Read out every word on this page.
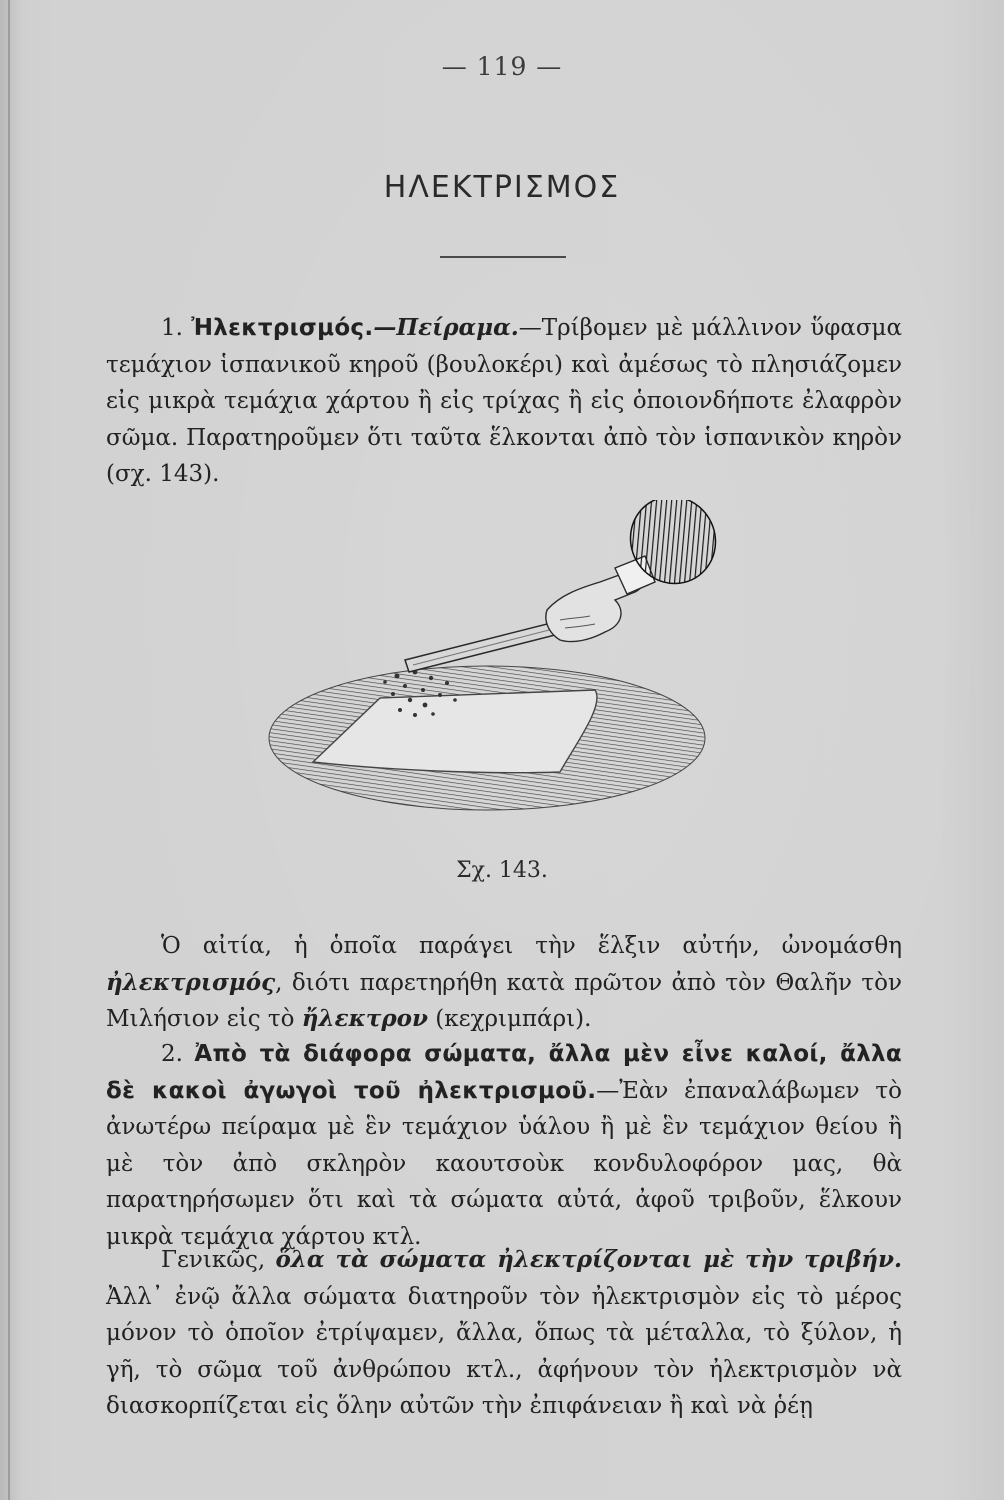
— 119 —
ΗΛΕΚΤΡΙΣΜΟΣ

1. Ἠλεκτρισμός.—Πείραμα.—Τρίβομεν μὲ μάλλινον ὕφασμα τεμάχιον ἱσπανικοῦ κηροῦ (βουλοκέρι) καὶ ἀμέσως τὸ πλησιάζομεν εἰς μικρὰ τεμάχια χάρτου ἢ εἰς τρίχας ἢ εἰς ὁποιονδήποτε ἐλαφρὸν σῶμα. Παρατηροῦμεν ὅτι ταῦτα ἕλκονται ἀπὸ τὸν ἱσπανικὸν κηρὸν (σχ. 143).

Σχ. 143.

Ὁ αἰτία, ἡ ὁποῖα παράγει τὴν ἕλξιν αὐτήν, ὠνομάσθη ἠλεκτρισμός, διότι παρετηρήθη κατὰ πρῶτον ἀπὸ τὸν Θαλῆν τὸν Μιλήσιον εἰς τὸ ἤλεκτρον (κεχριμπάρι).

2. Ἀπὸ τὰ διάφορα σώματα, ἄλλα μὲν εἶνε καλοί, ἄλλα δὲ κακοὶ ἀγωγοὶ τοῦ ἠλεκτρισμοῦ.—Ἐὰν ἐπαναλάβωμεν τὸ ἀνωτέρω πείραμα μὲ ἓν τεμάχιον ὑάλου ἢ μὲ ἓν τεμάχιον θείου ἢ μὲ τὸν ἀπὸ σκληρὸν καουτσοὺκ κονδυλοφόρον μας, θὰ παρατηρήσωμεν ὅτι καὶ τὰ σώματα αὐτά, ἀφοῦ τριβοῦν, ἕλκουν μικρὰ τεμάχια χάρτου κτλ.

Γενικῶς, ὅλα τὰ σώματα ἠλεκτρίζονται μὲ τὴν τριβήν. Ἀλλ᾽ ἐνῷ ἄλλα σώματα διατηροῦν τὸν ἠλεκτρισμὸν εἰς τὸ μέρος μόνον τὸ ὁποῖον ἐτρίψαμεν, ἄλλα, ὅπως τὰ μέταλλα, τὸ ξύλον, ἡ γῆ, τὸ σῶμα τοῦ ἀνθρώπου κτλ., ἀφήνουν τὸν ἠλεκτρισμὸν νὰ διασκορπίζεται εἰς ὅλην αὐτῶν τὴν ἐπιφάνειαν ἢ καὶ νὰ ῥέῃ
